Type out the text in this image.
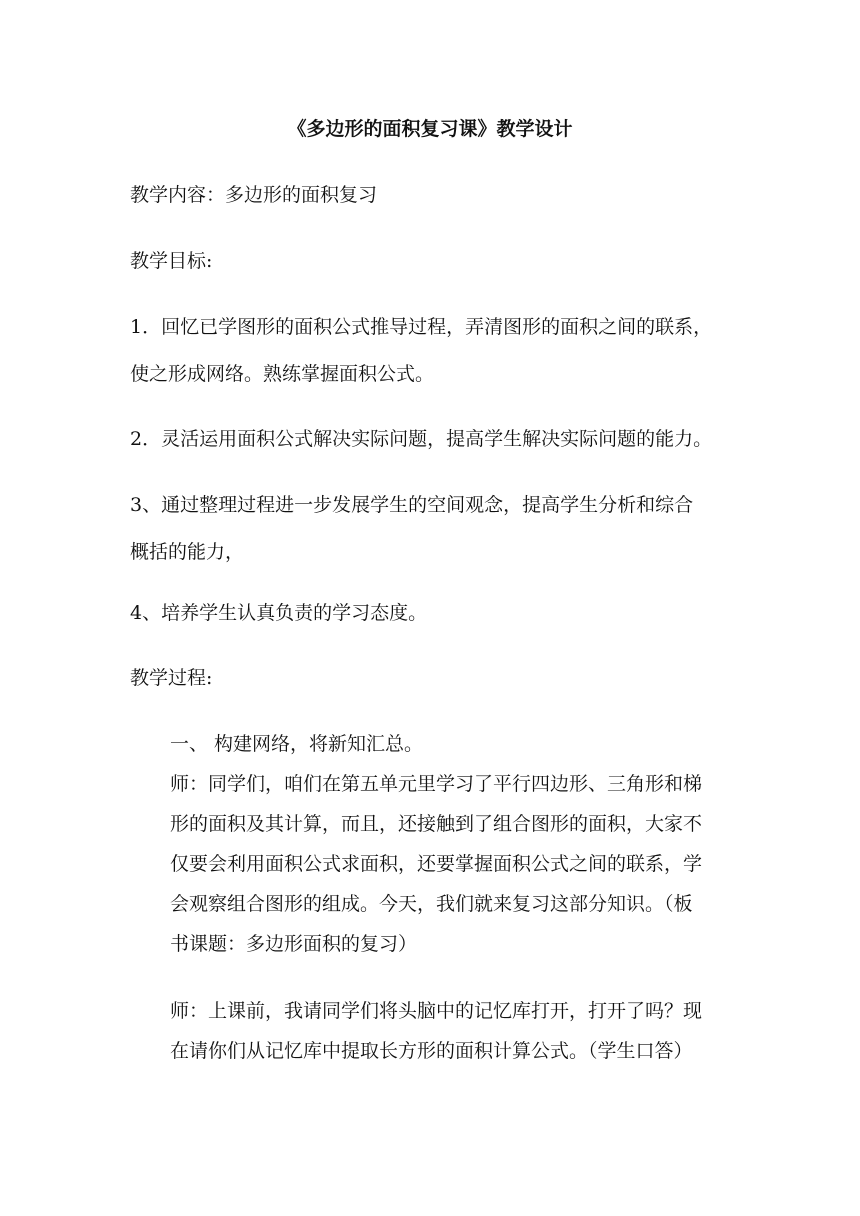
《多边形的面积复习课》教学设计
教学内容：多边形的面积复习
教学目标:
1．回忆已学图形的面积公式推导过程，弄清图形的面积之间的联系，
使之形成网络。熟练掌握面积公式。
2．灵活运用面积公式解决实际问题，提高学生解决实际问题的能力。
3、通过整理过程进一步发展学生的空间观念，提高学生分析和综合
概括的能力，
4、培养学生认真负责的学习态度。
教学过程:
一、 构建网络，将新知汇总。
师：同学们，咱们在第五单元里学习了平行四边形、三角形和梯
形的面积及其计算，而且，还接触到了组合图形的面积，大家不
仅要会利用面积公式求面积，还要掌握面积公式之间的联系，学
会观察组合图形的组成。今天，我们就来复习这部分知识。（板
书课题：多边形面积的复习）
师：上课前，我请同学们将头脑中的记忆库打开，打开了吗？现
在请你们从记忆库中提取长方形的面积计算公式。（学生口答）
